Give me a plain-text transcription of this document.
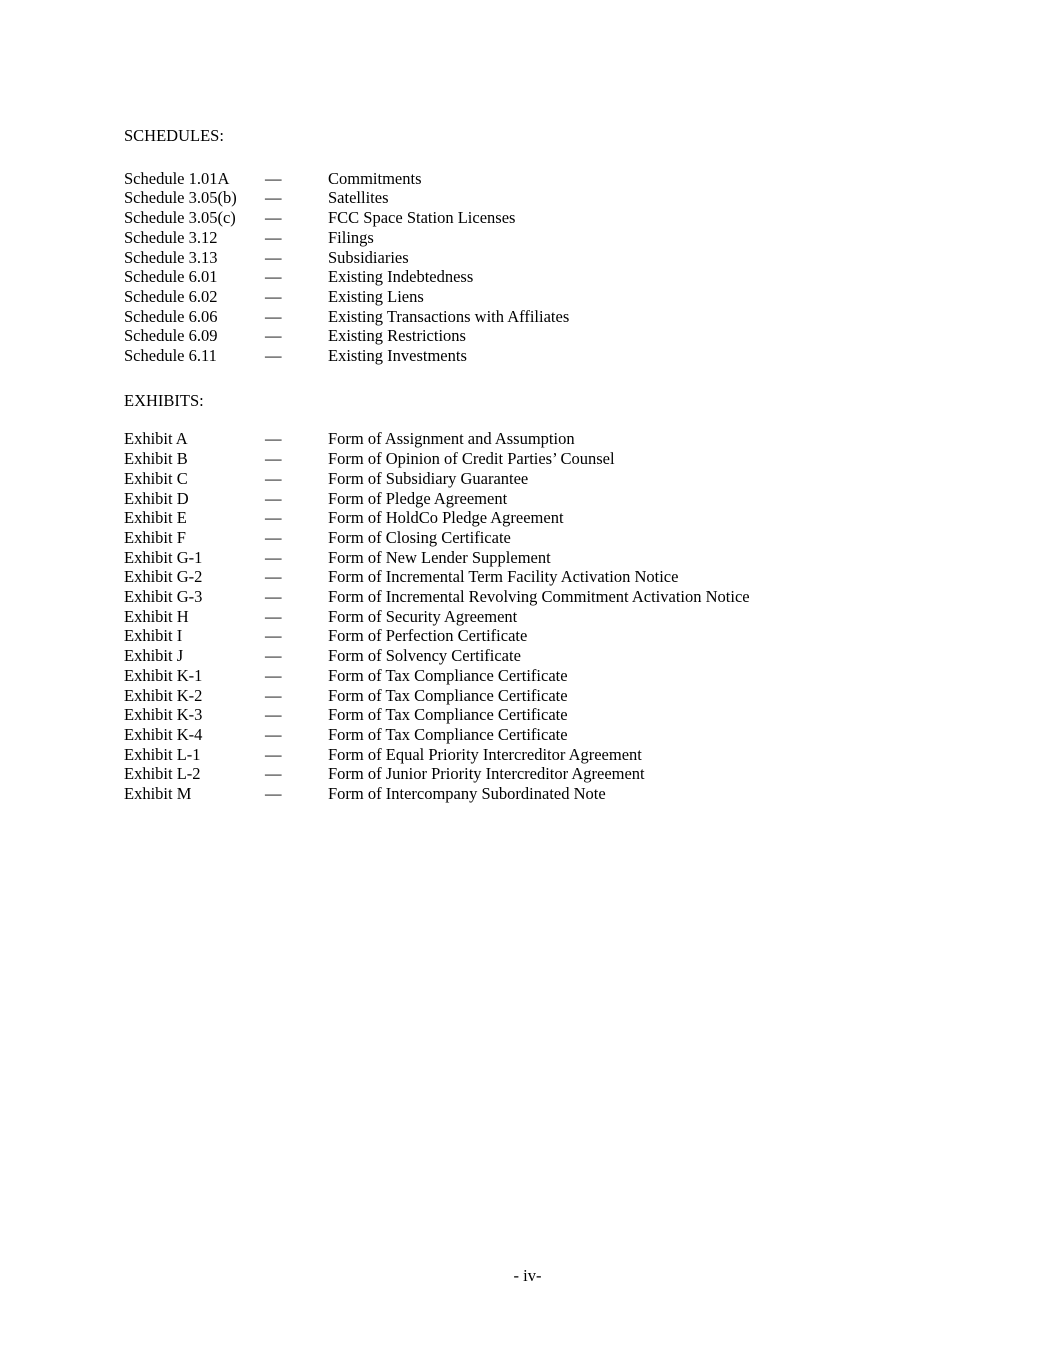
SCHEDULES:
Schedule 1.01A	—	Commitments
Schedule 3.05(b)	—	Satellites
Schedule 3.05(c)	—	FCC Space Station Licenses
Schedule 3.12	—	Filings
Schedule 3.13	—	Subsidiaries
Schedule 6.01	—	Existing Indebtedness
Schedule 6.02	—	Existing Liens
Schedule 6.06	—	Existing Transactions with Affiliates
Schedule 6.09	—	Existing Restrictions
Schedule 6.11	—	Existing Investments
EXHIBITS:
Exhibit A	—	Form of Assignment and Assumption
Exhibit B	—	Form of Opinion of Credit Parties’ Counsel
Exhibit C	—	Form of Subsidiary Guarantee
Exhibit D	—	Form of Pledge Agreement
Exhibit E	—	Form of HoldCo Pledge Agreement
Exhibit F	—	Form of Closing Certificate
Exhibit G-1	—	Form of New Lender Supplement
Exhibit G-2	—	Form of Incremental Term Facility Activation Notice
Exhibit G-3	—	Form of Incremental Revolving Commitment Activation Notice
Exhibit H	—	Form of Security Agreement
Exhibit I	—	Form of Perfection Certificate
Exhibit J	—	Form of Solvency Certificate
Exhibit K-1	—	Form of Tax Compliance Certificate
Exhibit K-2	—	Form of Tax Compliance Certificate
Exhibit K-3	—	Form of Tax Compliance Certificate
Exhibit K-4	—	Form of Tax Compliance Certificate
Exhibit L-1	—	Form of Equal Priority Intercreditor Agreement
Exhibit L-2	—	Form of Junior Priority Intercreditor Agreement
Exhibit M	—	Form of Intercompany Subordinated Note
- iv-
